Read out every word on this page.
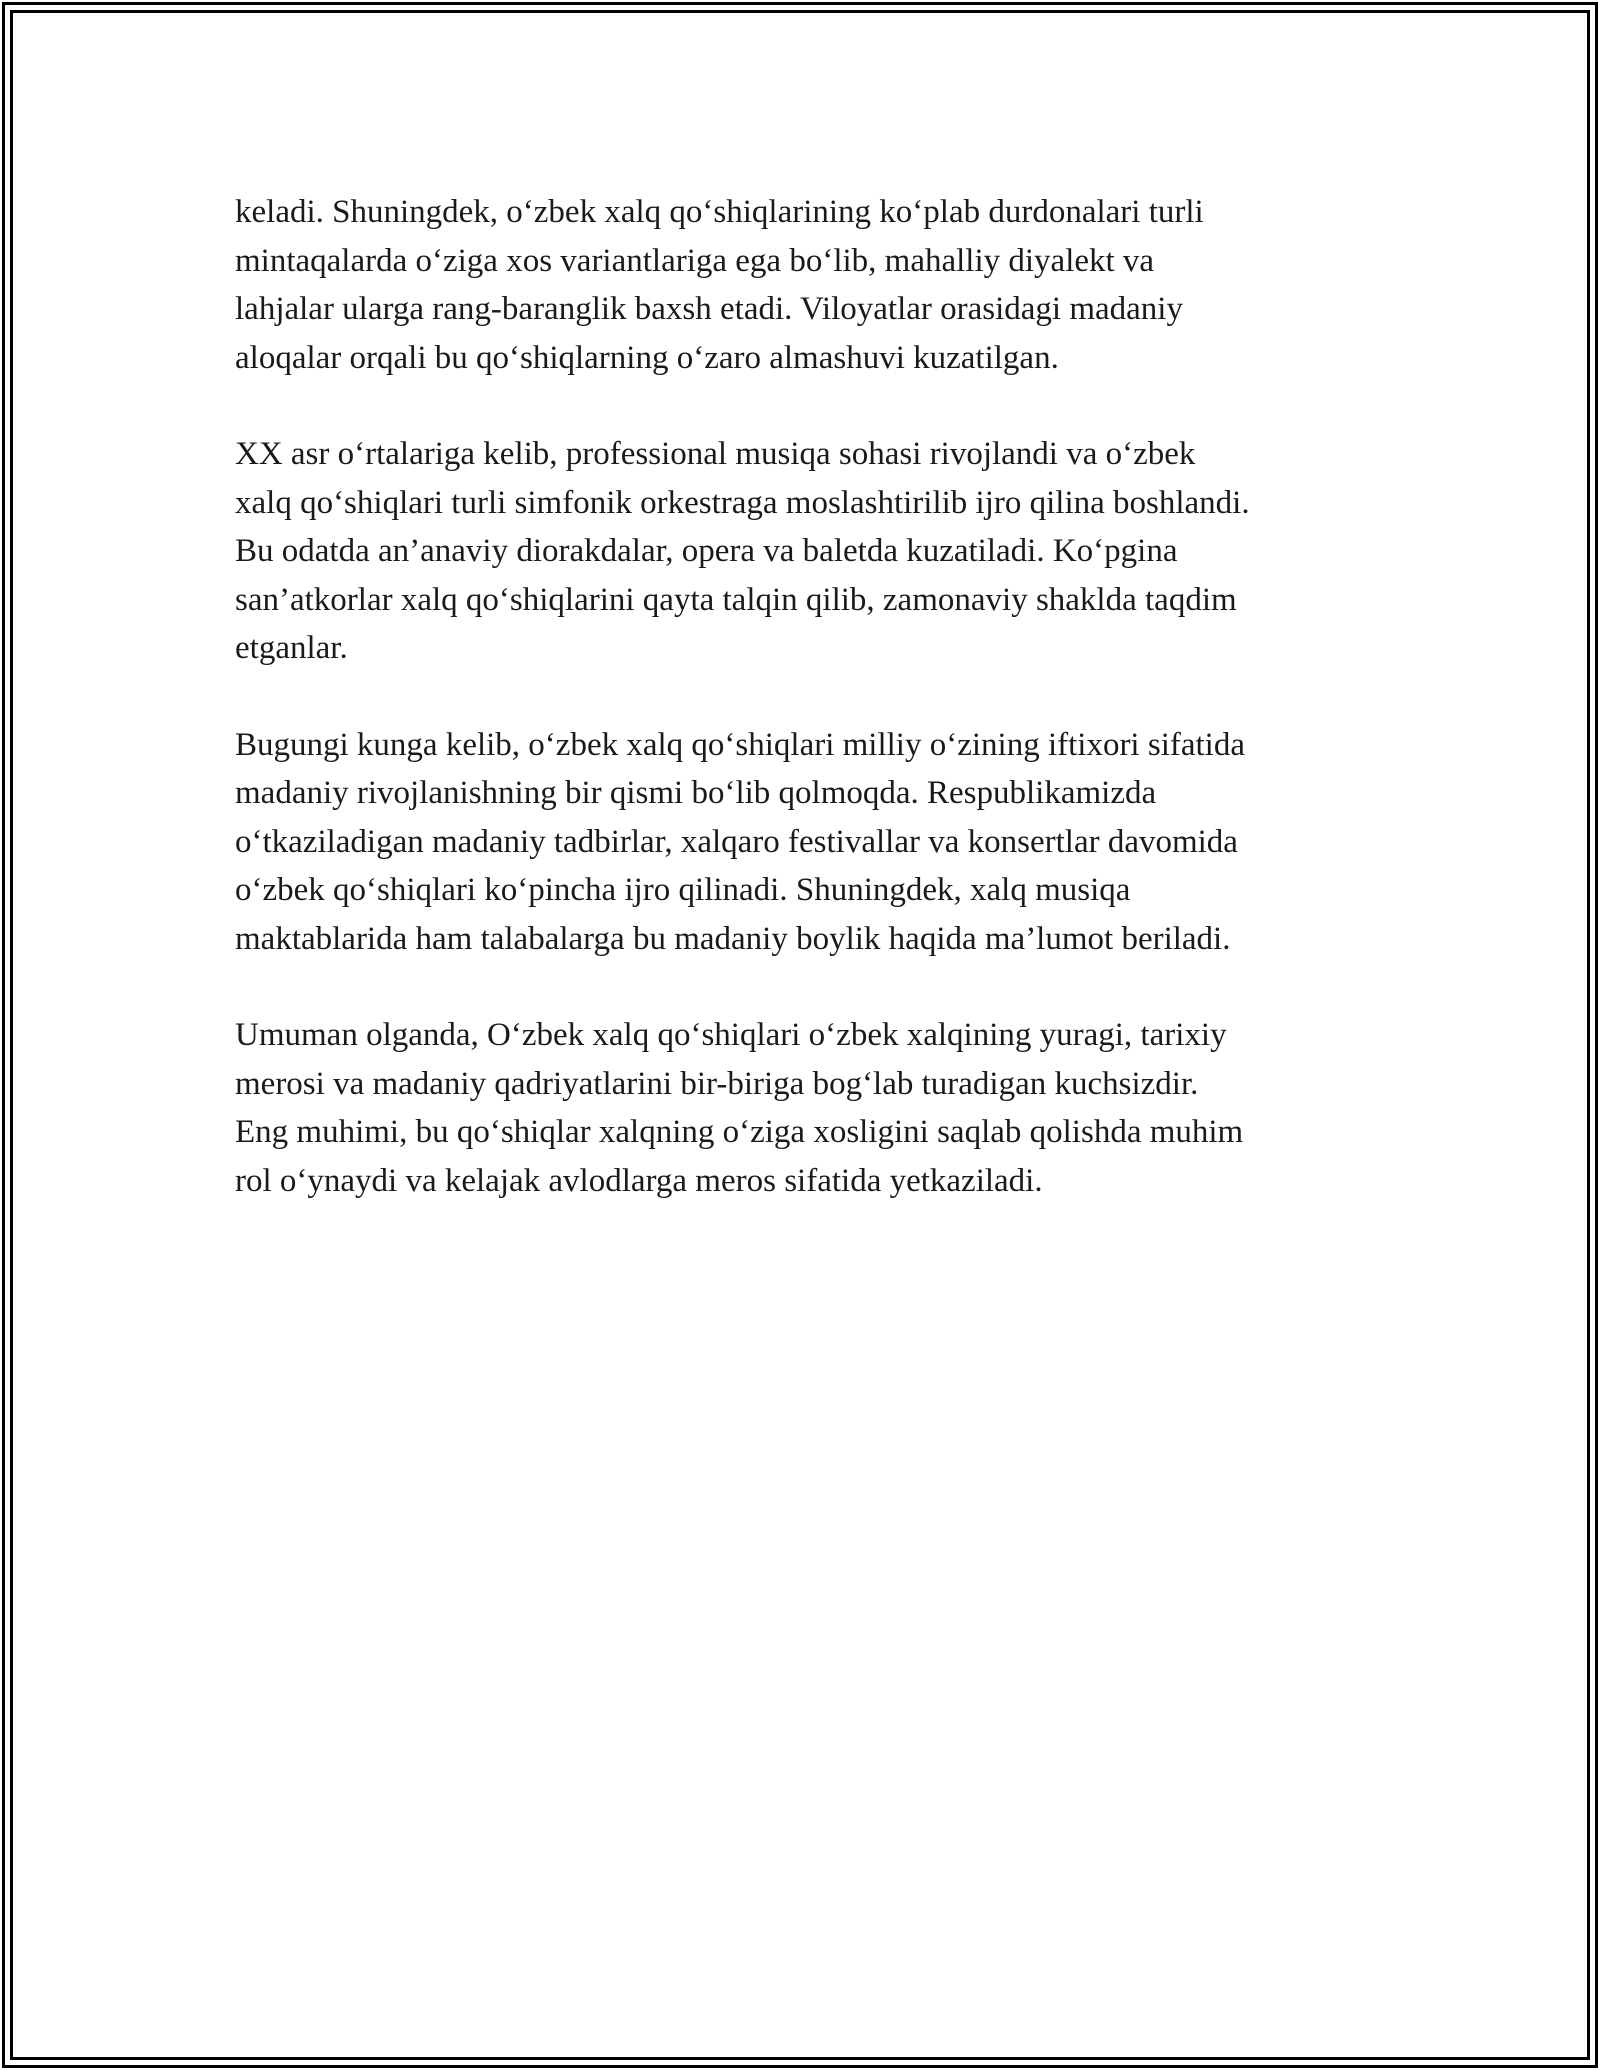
keladi. Shuningdek, o‘zbek xalq qo‘shiqlarining ko‘plab durdonalari turli
mintaqalarda o‘ziga xos variantlariga ega bo‘lib, mahalliy diyalekt va
lahjalar ularga rang-baranglik baxsh etadi. Viloyatlar orasidagi madaniy
aloqalar orqali bu qo‘shiqlarning o‘zaro almashuvi kuzatilgan.

XX asr o‘rtalariga kelib, professional musiqa sohasi rivojlandi va o‘zbek
xalq qo‘shiqlari turli simfonik orkestraga moslashtirilib ijro qilina boshlandi.
Bu odatda an’anaviy diorakdalar, opera va baletda kuzatiladi. Ko‘pgina
san’atkorlar xalq qo‘shiqlarini qayta talqin qilib, zamonaviy shaklda taqdim
etganlar.

Bugungi kunga kelib, o‘zbek xalq qo‘shiqlari milliy o‘zining iftixori sifatida
madaniy rivojlanishning bir qismi bo‘lib qolmoqda. Respublikamizda
o‘tkaziladigan madaniy tadbirlar, xalqaro festivallar va konsertlar davomida
o‘zbek qo‘shiqlari ko‘pincha ijro qilinadi. Shuningdek, xalq musiqa
maktablarida ham talabalarga bu madaniy boylik haqida ma’lumot beriladi.

Umuman olganda, O‘zbek xalq qo‘shiqlari o‘zbek xalqining yuragi, tarixiy
merosi va madaniy qadriyatlarini bir-biriga bog‘lab turadigan kuchsizdir.
Eng muhimi, bu qo‘shiqlar xalqning o‘ziga xosligini saqlab qolishda muhim
rol o‘ynaydi va kelajak avlodlarga meros sifatida yetkaziladi.
